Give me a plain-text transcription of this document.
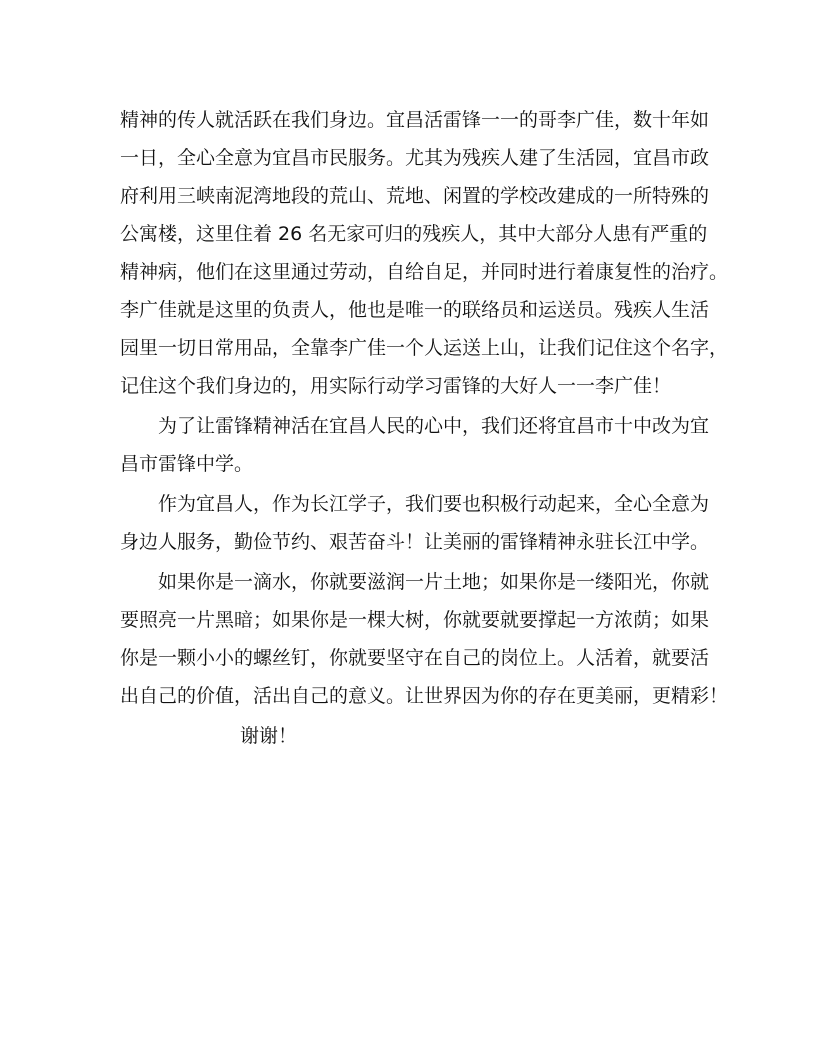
精神的传人就活跃在我们身边。宜昌活雷锋一一的哥李广佳，数十年如
一日，全心全意为宜昌市民服务。尤其为残疾人建了生活园，宜昌市政
府利用三峡南泥湾地段的荒山、荒地、闲置的学校改建成的一所特殊的
公寓楼，这里住着 26 名无家可归的残疾人，其中大部分人患有严重的
精神病，他们在这里通过劳动，自给自足，并同时进行着康复性的治疗。
李广佳就是这里的负责人，他也是唯一的联络员和运送员。残疾人生活
园里一切日常用品，全靠李广佳一个人运送上山，让我们记住这个名字，
记住这个我们身边的，用实际行动学习雷锋的大好人一一李广佳！
为了让雷锋精神活在宜昌人民的心中，我们还将宜昌市十中改为宜
昌市雷锋中学。
作为宜昌人，作为长江学子，我们要也积极行动起来，全心全意为
身边人服务，勤俭节约、艰苦奋斗！让美丽的雷锋精神永驻长江中学。
如果你是一滴水，你就要滋润一片土地；如果你是一缕阳光，你就
要照亮一片黑暗；如果你是一棵大树，你就要就要撑起一方浓荫；如果
你是一颗小小的螺丝钉，你就要坚守在自己的岗位上。人活着，就要活
出自己的价值，活出自己的意义。让世界因为你的存在更美丽，更精彩！
谢谢！
